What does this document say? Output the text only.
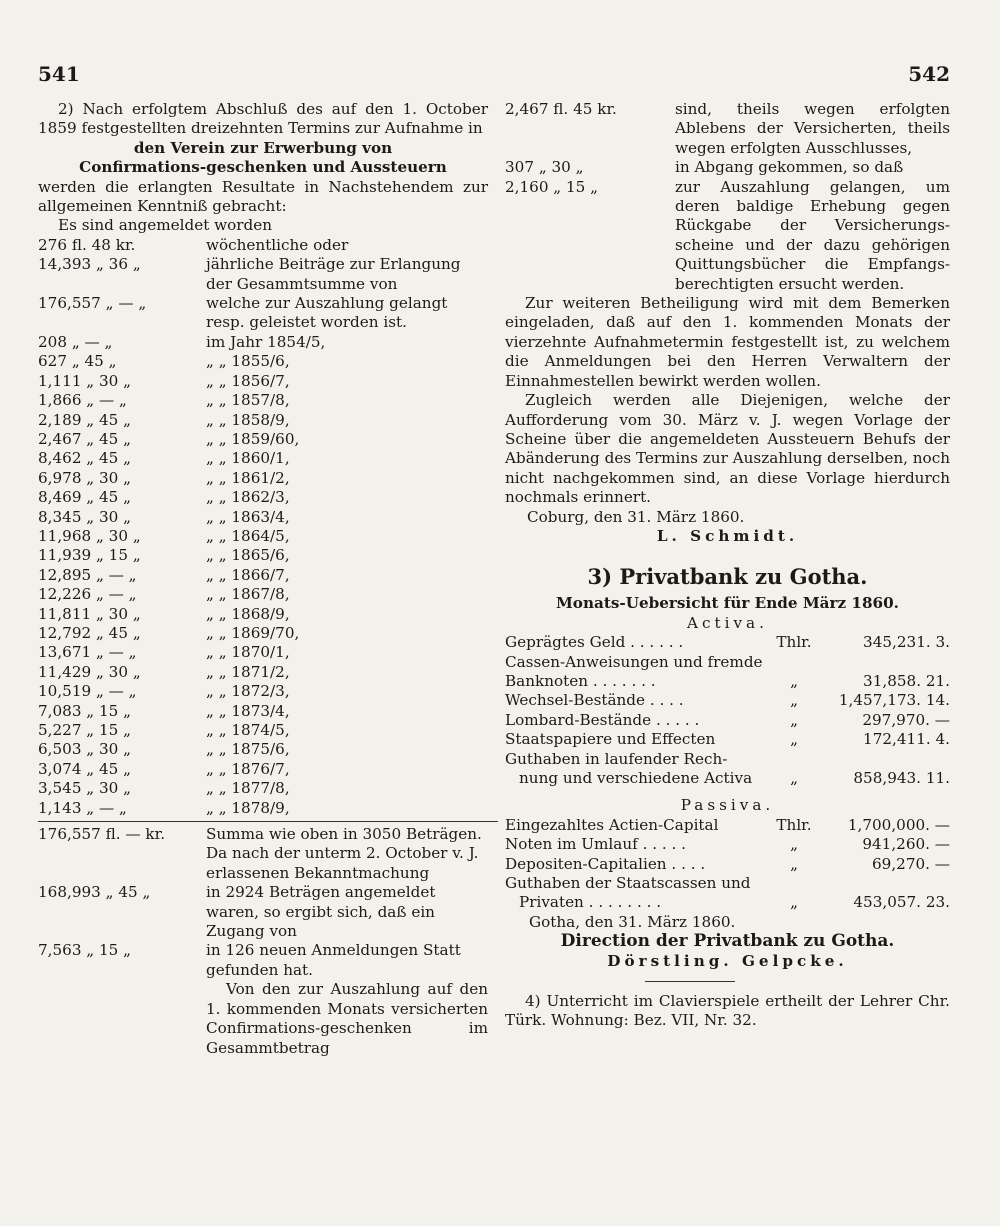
541	542

2) Nach erfolgtem Abschluß des auf den 1. October 1859 festgestellten dreizehnten Termins zur Aufnahme in

den Verein zur Erwerbung von Confirmations-geschenken und Aussteuern

werden die erlangten Resultate in Nachstehendem zur allgemeinen Kenntniß gebracht:

Es sind angemeldet worden

276 fl. 48 kr.	wöchentliche oder
14,393 „ 36 „	jährliche Beiträge zur Erlangung der Gesammtsumme von
176,557 „ — „	welche zur Auszahlung gelangt resp. geleistet worden ist.
208 „ — „	im Jahr 1854/5,
627 „ 45 „	„ „ 1855/6,
1,111 „ 30 „	„ „ 1856/7,
1,866 „ — „	„ „ 1857/8,
2,189 „ 45 „	„ „ 1858/9,
2,467 „ 45 „	„ „ 1859/60,
8,462 „ 45 „	„ „ 1860/1,
6,978 „ 30 „	„ „ 1861/2,
8,469 „ 45 „	„ „ 1862/3,
8,345 „ 30 „	„ „ 1863/4,
11,968 „ 30 „	„ „ 1864/5,
11,939 „ 15 „	„ „ 1865/6,
12,895 „ — „	„ „ 1866/7,
12,226 „ — „	„ „ 1867/8,
11,811 „ 30 „	„ „ 1868/9,
12,792 „ 45 „	„ „ 1869/70,
13,671 „ — „	„ „ 1870/1,
11,429 „ 30 „	„ „ 1871/2,
10,519 „ — „	„ „ 1872/3,
7,083 „ 15 „	„ „ 1873/4,
5,227 „ 15 „	„ „ 1874/5,
6,503 „ 30 „	„ „ 1875/6,
3,074 „ 45 „	„ „ 1876/7,
3,545 „ 30 „	„ „ 1877/8,
1,143 „ — „	„ „ 1878/9,
176,557 fl. — kr.	Summa wie oben in 3050 Beträgen. Da nach der unterm 2. October v. J. erlassenen Bekanntmachung
168,993 „ 45 „	in 2924 Beträgen angemeldet waren, so ergibt sich, daß ein Zugang von
7,563 „ 15 „	in 126 neuen Anmeldungen Statt gefunden hat.

Von den zur Auszahlung auf den 1. kommenden Monats versicherten Confirmations-geschenken im Gesammtbetrag

2,467 fl. 45 kr.	sind, theils wegen erfolgten Ablebens der Versicherten, theils wegen erfolgten Ausschlusses,
307 „ 30 „	in Abgang gekommen, so daß
2,160 „ 15 „	zur Auszahlung gelangen, um deren baldige Erhebung gegen Rückgabe der Versicherungs-scheine und der dazu gehörigen Quittungsbücher die Empfangs-berechtigten ersucht werden.

Zur weiteren Betheiligung wird mit dem Bemerken eingeladen, daß auf den 1. kommenden Monats der vierzehnte Aufnahmetermin festgestellt ist, zu welchem die Anmeldungen bei den Herren Verwaltern der Einnahmestellen bewirkt werden wollen.

Zugleich werden alle Diejenigen, welche der Aufforderung vom 30. März v. J. wegen Vorlage der Scheine über die angemeldeten Aussteuern Behufs der Abänderung des Termins zur Auszahlung derselben, noch nicht nachgekommen sind, an diese Vorlage hierdurch nochmals erinnert.

Coburg, den 31. März 1860.

L. Schmidt.

3) Privatbank zu Gotha.

Monats-Uebersicht für Ende März 1860.

Activa.

Geprägtes Geld . . . . . .	Thlr.	345,231. 3.
Cassen-Anweisungen und fremde
Banknoten . . . . . . .	„	31,858. 21.
Wechsel-Bestände . . . .	„	1,457,173. 14.
Lombard-Bestände . . . . .	„	297,970. —
Staatspapiere und Effecten	„	172,411. 4.
Guthaben in laufender Rech-
nung und verschiedene Activa	„	858,943. 11.

Passiva.

Eingezahltes Actien-Capital	Thlr.	1,700,000. —
Noten im Umlauf . . . . .	„	941,260. —
Depositen-Capitalien . . . .	„	69,270. —
Guthaben der Staatscassen und
Privaten . . . . . . . .	„	453,057. 23.

Gotha, den 31. März 1860.

Direction der Privatbank zu Gotha.

Dörstling. Gelpcke.

4) Unterricht im Clavierspiele ertheilt der Lehrer Chr. Türk. Wohnung: Bez. VII, Nr. 32.
